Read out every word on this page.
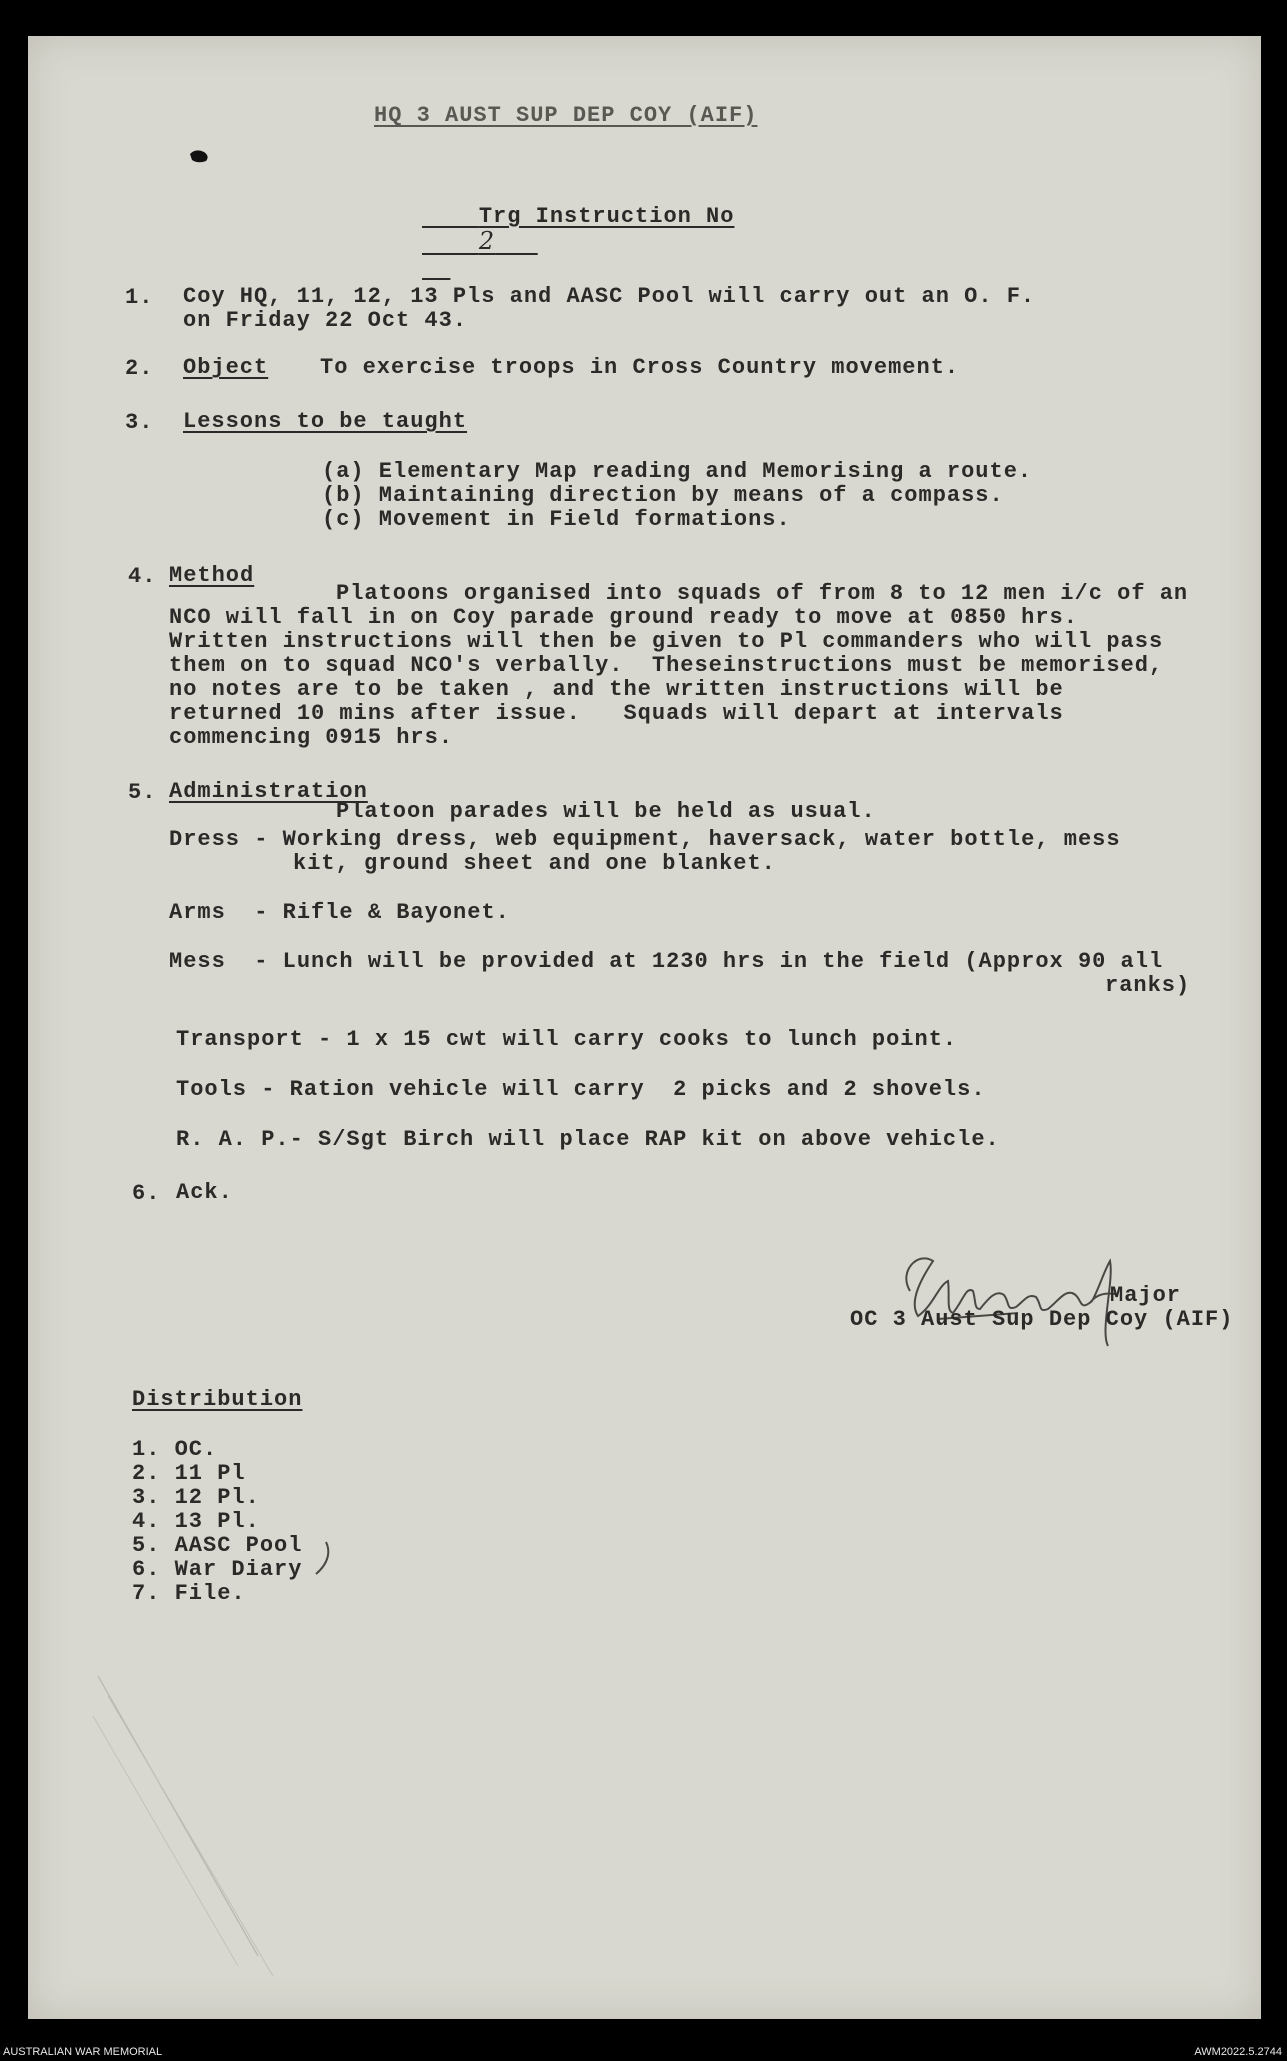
HQ 3 AUST SUP DEP COY (AIF)

Trg Instruction No
2

1. Coy HQ, 11, 12, 13 Pls and AASC Pool will carry out an O. F.
on Friday 22 Oct 43.
2. Object To exercise troops in Cross Country movement.
3. Lessons to be taught
(a) Elementary Map reading and Memorising a route.
(b) Maintaining direction by means of a compass.
(c) Movement in Field formations.
4. Method
Platoons organised into squads of from 8 to 12 men i/c of an
NCO will fall in on Coy parade ground ready to move at 0850 hrs.
Written instructions will then be given to Pl commanders who will pass
them on to squad NCO's verbally.  Theseinstructions must be memorised,
no notes are to be taken , and the written instructions will be
returned 10 mins after issue.   Squads will depart at intervals
commencing 0915 hrs.
5. Administration
Platoon parades will be held as usual.
Dress - Working dress, web equipment, haversack, water bottle, mess
kit, ground sheet and one blanket.
Arms  - Rifle & Bayonet.
Mess  - Lunch will be provided at 1230 hrs in the field (Approx 90 all
ranks)
Transport - 1 x 15 cwt will carry cooks to lunch point.
Tools - Ration vehicle will carry  2 picks and 2 shovels.
R. A. P.- S/Sgt Birch will place RAP kit on above vehicle.
6. Ack.
Major
OC 3 Aust Sup Dep Coy (AIF)
Distribution
1. OC.
2. 11 Pl
3. 12 Pl.
4. 13 Pl.
5. AASC Pool
6. War Diary
7. File.
AUSTRALIAN WAR MEMORIAL	AWM2022.5.2744
